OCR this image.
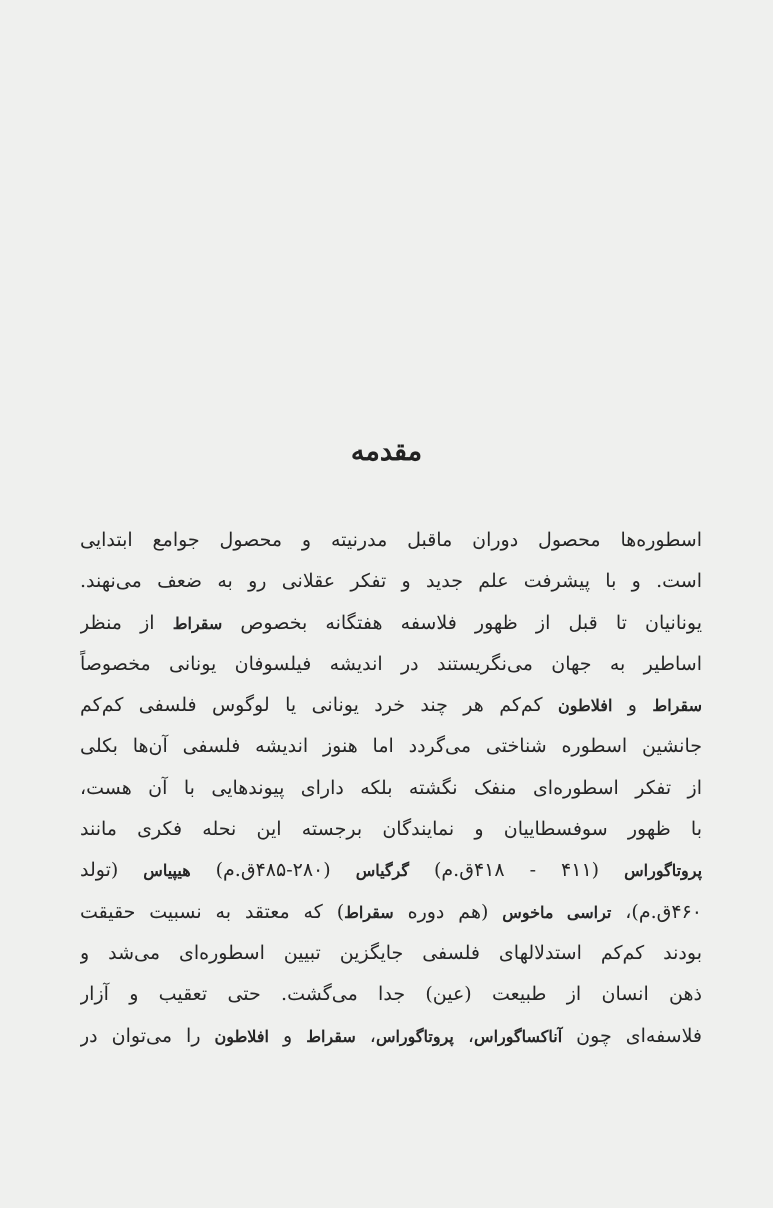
مقدمه
اسطوره‌ها محصول دوران ماقبل مدرنیته و محصول جوامع ابتدایی
است. و با پیشرفت علم جدید و تفکر عقلانی رو به ضعف می‌نهند.
یونانیان تا قبل از ظهور فلاسفه هفتگانه بخصوص سقراط از منظر
اساطیر به جهان می‌نگریستند در اندیشه فیلسوفان یونانی مخصوصاً
سقراط و افلاطون کم‌کم هر چند خرد یونانی یا لوگوس فلسفی کم‌کم
جانشین اسطوره شناختی می‌گردد اما هنوز اندیشه فلسفی آن‌ها بکلی
از تفکر اسطوره‌ای منفک نگشته بلکه دارای پیوندهایی با آن هست،
با ظهور سوفسطاییان و نمایندگان برجسته این نحله فکری مانند
پروتاگوراس (۴۱۱ - ۴۱۸ق.م) گرگیاس (۲۸۰-۴۸۵ق.م) هیپیاس (تولد
۴۶۰ق.م)، تراسی ماخوس (هم دوره سقراط) که معتقد به نسبیت حقیقت
بودند کم‌کم استدلالهای فلسفی جایگزین تبیین اسطوره‌ای می‌شد و
ذهن انسان از طبیعت (عین) جدا می‌گشت. حتی تعقیب و آزار
فلاسفه‌ای چون آناکساگوراس، پروتاگوراس، سقراط و افلاطون را می‌توان در
